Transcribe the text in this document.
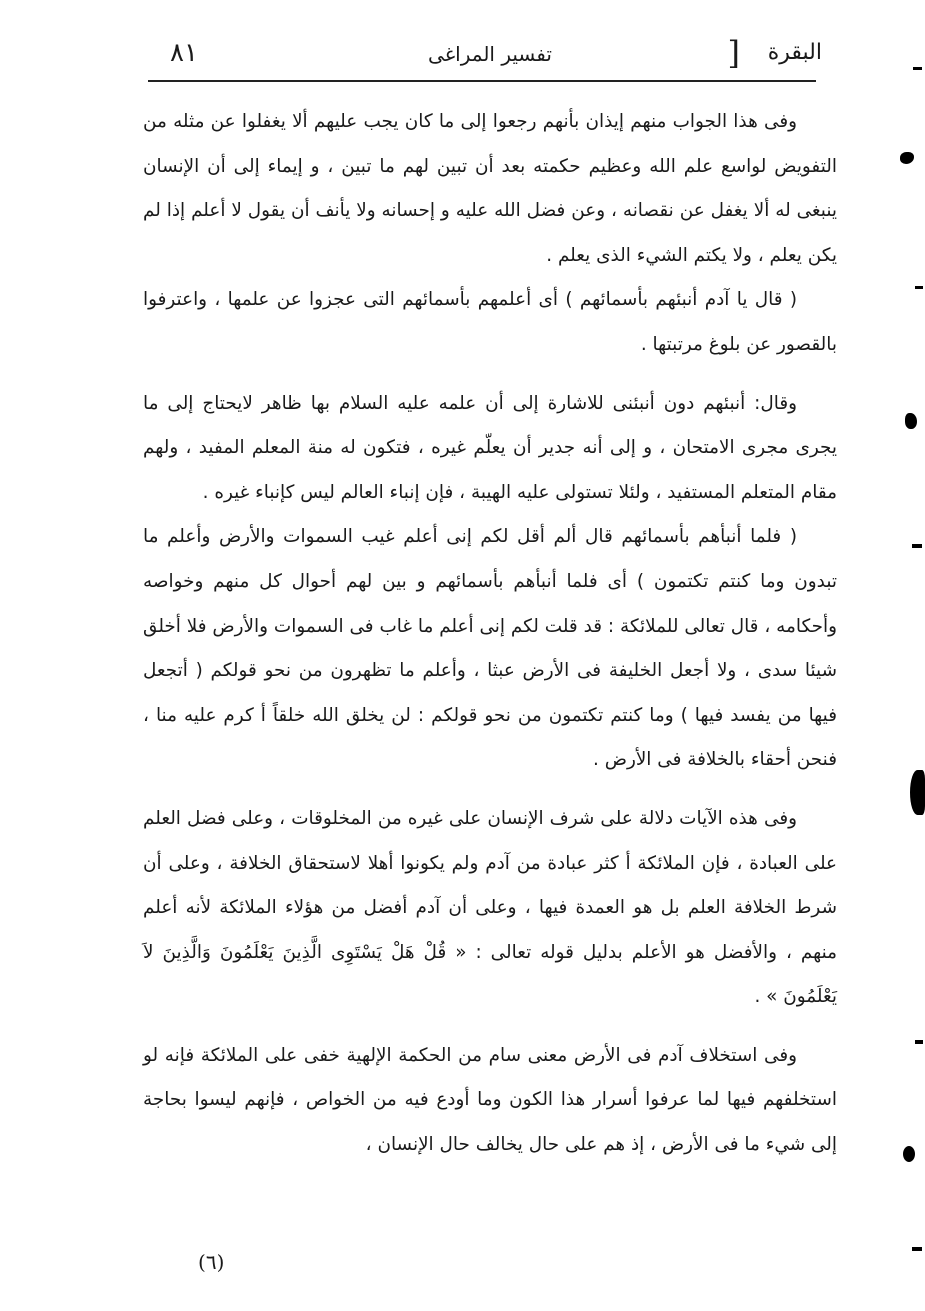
٨١	تفسير المراغى	] البقرة

وفى هذا الجواب منهم إيذان بأنهم رجعوا إلى ما كان يجب عليهم ألا يغفلوا عن مثله من التفويض لواسع علم الله وعظيم حكمته بعد أن تبين لهم ما تبين ، و إيماء إلى أن الإنسان ينبغى له ألا يغفل عن نقصانه ، وعن فضل الله عليه و إحسانه ولا يأنف أن يقول لا أعلم إذا لم يكن يعلم ، ولا يكتم الشيء الذى يعلم .

( قال يا آدم أنبئهم بأسمائهم ) أى أعلمهم بأسمائهم التى عجزوا عن علمها ، واعترفوا بالقصور عن بلوغ مرتبتها .

وقال: أنبئهم دون أنبئنى للاشارة إلى أن علمه عليه السلام بها ظاهر لايحتاج إلى ما يجرى مجرى الامتحان ، و إلى أنه جدير أن يعلّم غيره ، فتكون له منة المعلم المفيد ، ولهم مقام المتعلم المستفيد ، ولئلا تستولى عليه الهيبة ، فإن إنباء العالم ليس كإنباء غيره .

( فلما أنبأهم بأسمائهم قال ألم أقل لكم إنى أعلم غيب السموات والأرض وأعلم ما تبدون وما كنتم تكتمون ) أى فلما أنبأهم بأسمائهم و بين لهم أحوال كل منهم وخواصه وأحكامه ، قال تعالى للملائكة : قد قلت لكم إنى أعلم ما غاب فى السموات والأرض فلا أخلق شيئا سدى ، ولا أجعل الخليفة فى الأرض عبثا ، وأعلم ما تظهرون من نحو قولكم ( أتجعل فيها من يفسد فيها ) وما كنتم تكتمون من نحو قولكم : لن يخلق الله خلقاً أ كرم عليه منا ، فنحن أحقاء بالخلافة فى الأرض .

وفى هذه الآيات دلالة على شرف الإنسان على غيره من المخلوقات ، وعلى فضل العلم على العبادة ، فإن الملائكة أ كثر عبادة من آدم ولم يكونوا أهلا لاستحقاق الخلافة ، وعلى أن شرط الخلافة العلم بل هو العمدة فيها ، وعلى أن آدم أفضل من هؤلاء الملائكة لأنه أعلم منهم ، والأفضل هو الأعلم بدليل قوله تعالى : « قُلْ هَلْ يَسْتَوِى الَّذِينَ يَعْلَمُونَ وَالَّذِينَ لاَ يَعْلَمُونَ » .

وفى استخلاف آدم فى الأرض معنى سام من الحكمة الإلهية خفى على الملائكة فإنه لو استخلفهم فيها لما عرفوا أسرار هذا الكون وما أودع فيه من الخواص ، فإنهم ليسوا بحاجة إلى شيء ما فى الأرض ، إذ هم على حال يخالف حال الإنسان ،

(٦)
